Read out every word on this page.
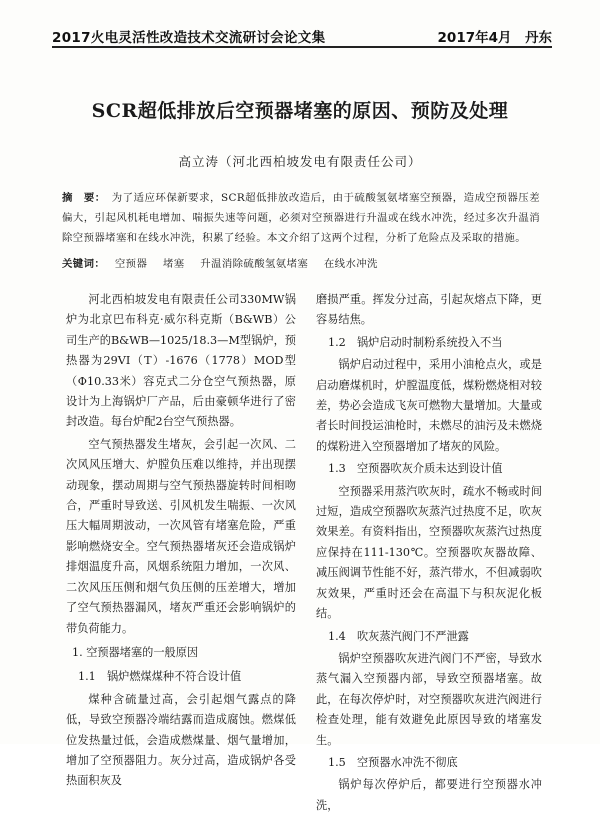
2017火电灵活性改造技术交流研讨会论文集	2017年4月　丹东
SCR超低排放后空预器堵塞的原因、预防及处理
高立涛（河北西柏坡发电有限责任公司）
摘　要： 为了适应环保新要求，SCR超低排放改造后，由于硫酸氢氨堵塞空预器，造成空预器压差偏大，引起风机耗电增加、喘振失速等问题，必须对空预器进行升温或在线水冲洗，经过多次升温消除空预器堵塞和在线水冲洗，积累了经验。本文介绍了这两个过程，分析了危险点及采取的措施。
关键词： 空预器 堵塞 升温消除硫酸氢氨堵塞 在线水冲洗

河北西柏坡发电有限责任公司330MW锅炉为北京巴布科克·威尔科克斯（B&WB）公司生产的B&WB—1025/18.3—M型锅炉，预热器为29VI（T）-1676（1778）MOD型（Φ10.33米）容克式二分仓空气预热器，原设计为上海锅炉厂产品，后由豪顿华进行了密封改造。每台炉配2台空气预热器。

空气预热器发生堵灰，会引起一次风、二次风风压增大、炉膛负压难以维持，并出现摆动现象，摆动周期与空气预热器旋转时间相吻合，严重时导致送、引风机发生喘振、一次风压大幅周期波动，一次风管有堵塞危险，严重影响燃烧安全。空气预热器堵灰还会造成锅炉排烟温度升高，风烟系统阻力增加，一次风、二次风压压侧和烟气负压侧的压差增大，增加了空气预热器漏风，堵灰严重还会影响锅炉的带负荷能力。

1. 空预器堵塞的一般原因
1.1　锅炉燃煤煤种不符合设计值

煤种含硫量过高，会引起烟气露点的降低，导致空预器冷端结露而造成腐蚀。燃煤低位发热量过低，会造成燃煤量、烟气量增加，增加了空预器阻力。灰分过高，造成锅炉各受热面积灰及

磨损严重。挥发分过高，引起灰熔点下降，更容易结焦。

1.2　锅炉启动时制粉系统投入不当

锅炉启动过程中，采用小油枪点火，或是启动磨煤机时，炉膛温度低，煤粉燃烧相对较差，势必会造成飞灰可燃物大量增加。大量或者长时间投运油枪时，未燃尽的油污及未燃烧的煤粉进入空预器增加了堵灰的风险。

1.3　空预器吹灰介质未达到设计值

空预器采用蒸汽吹灰时，疏水不畅或时间过短，造成空预器吹灰蒸汽过热度不足，吹灰效果差。有资料指出，空预器吹灰蒸汽过热度应保持在111-130℃。空预器吹灰器故障、减压阀调节性能不好，蒸汽带水，不但减弱吹灰效果，严重时还会在高温下与积灰泥化板结。

1.4　吹灰蒸汽阀门不严泄露

锅炉空预器吹灰进汽阀门不严密，导致水蒸气漏入空预器内部，导致空预器堵塞。故此，在每次停炉时，对空预器吹灰进汽阀进行检查处理，能有效避免此原因导致的堵塞发生。

1.5　空预器水冲洗不彻底

锅炉每次停炉后，都要进行空预器水冲洗，
